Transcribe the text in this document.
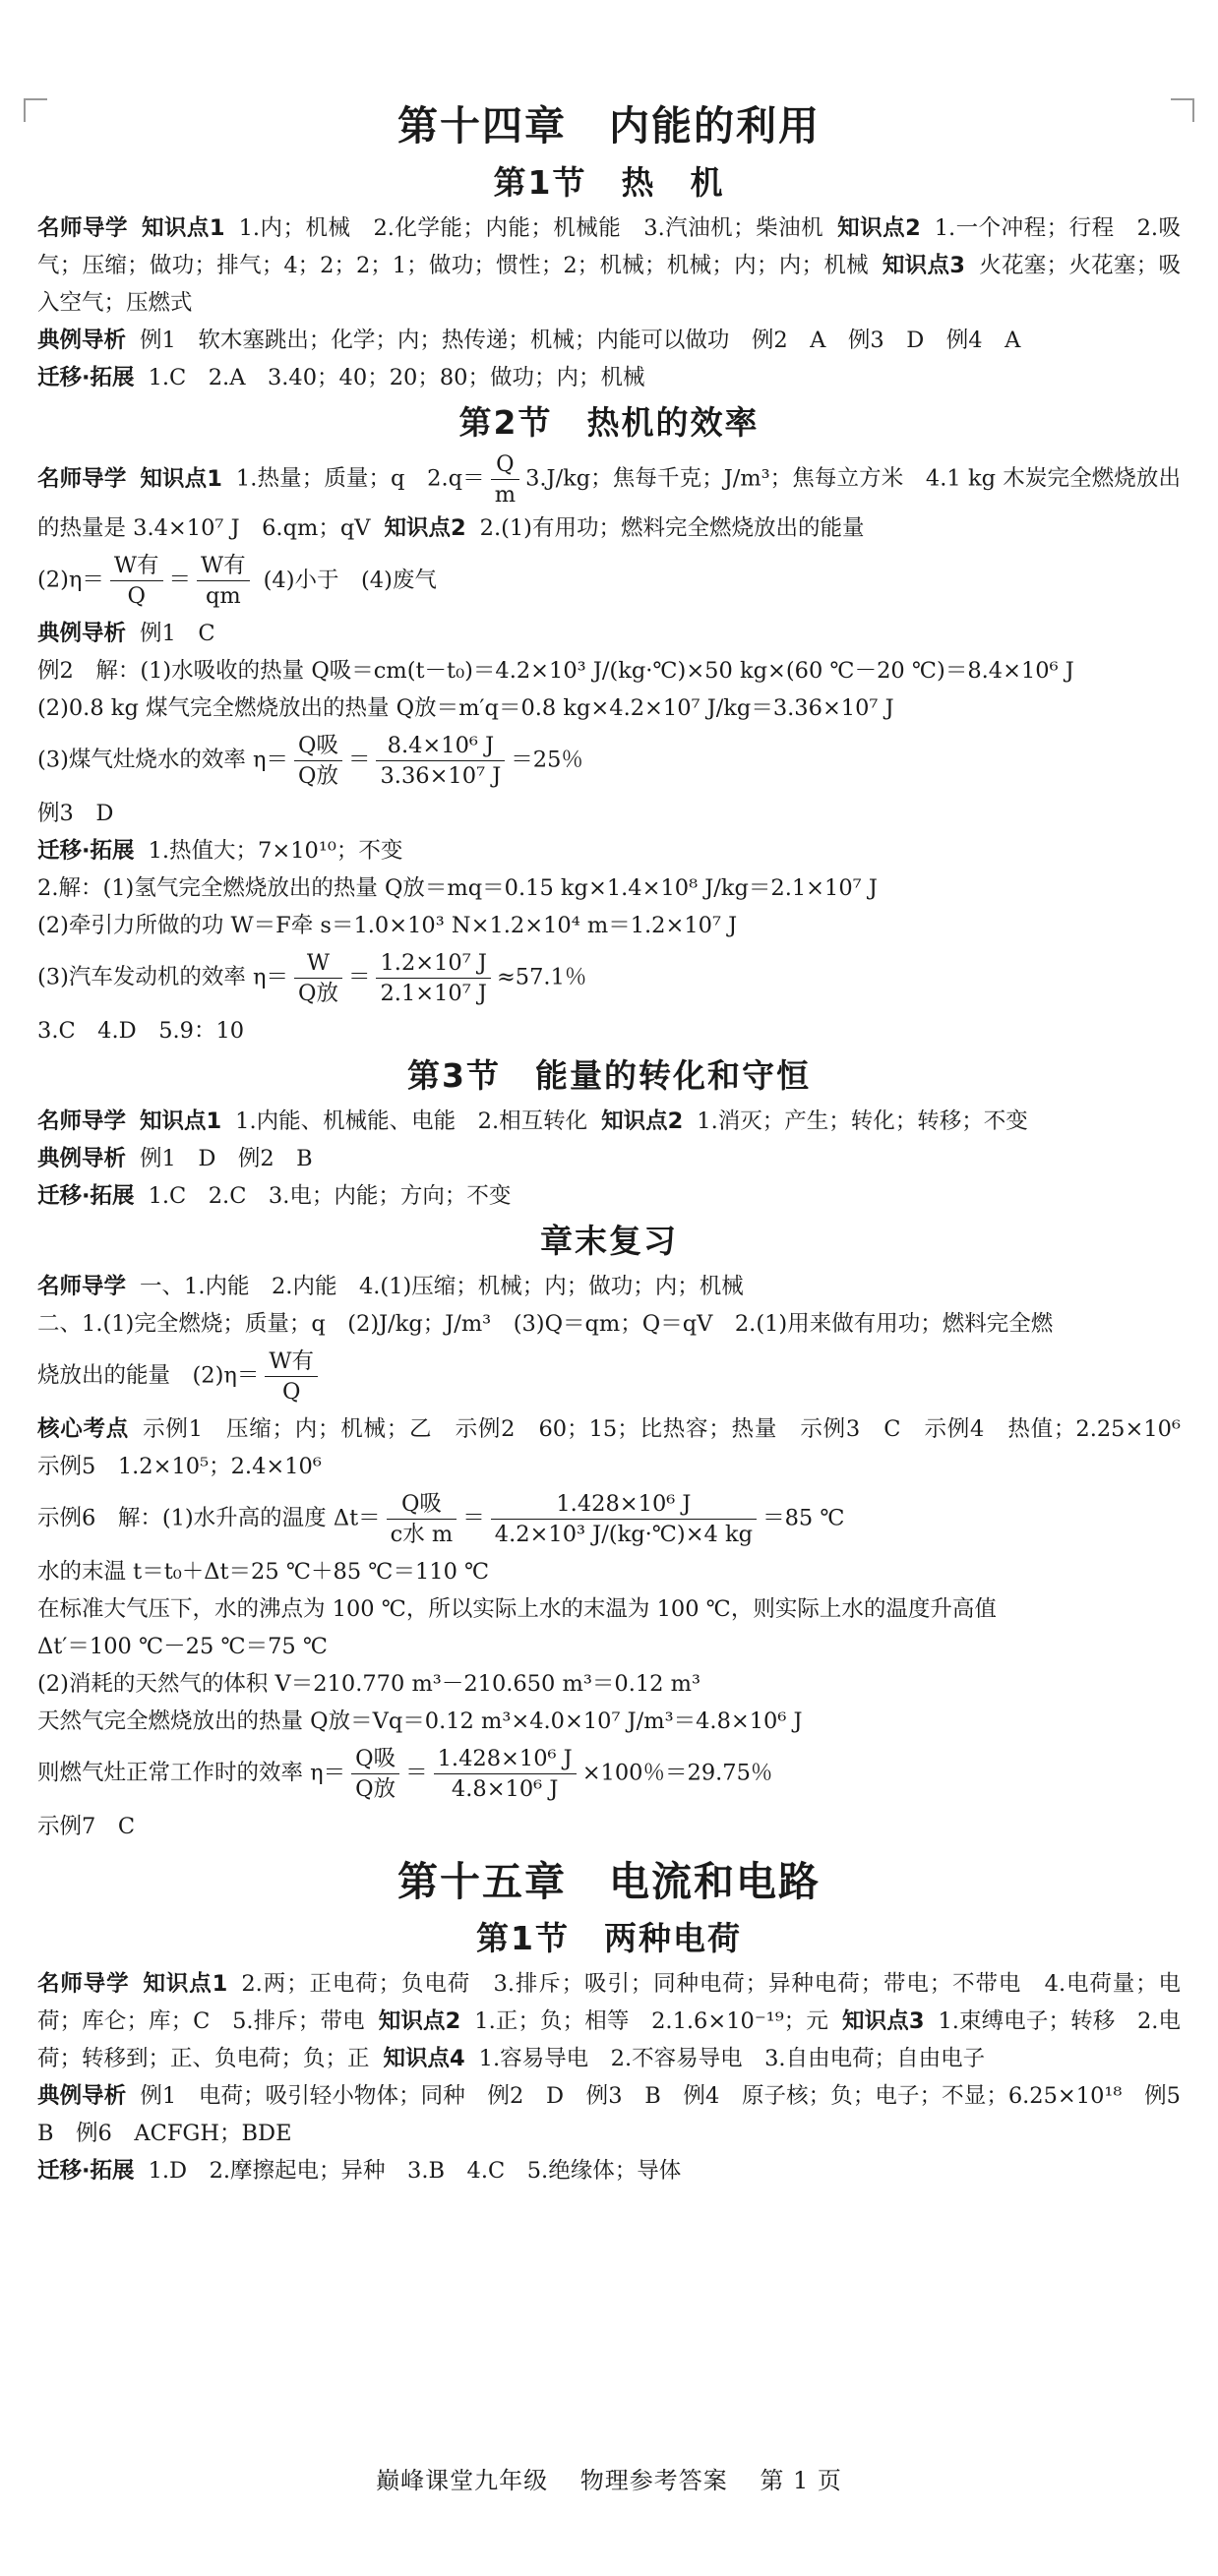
第十四章　内能的利用
第1节　热　机

名师导学 知识点1 1.内；机械　2.化学能；内能；机械能　3.汽油机；柴油机 知识点2 1.一个冲程；行程　2.吸气；压缩；做功；排气；4；2；2；1；做功；惯性；2；机械；机械；内；内；机械 知识点3 火花塞；火花塞；吸入空气；压燃式

典例导析 例1　软木塞跳出；化学；内；热传递；机械；内能可以做功　例2　A　例3　D　例4　A

迁移·拓展 1.C　2.A　3.40；40；20；80；做功；内；机械

第2节　热机的效率

名师导学 知识点1 1.热量；质量；q　$2.q= \frac{Q}{m} 3.J/kg$；焦每千克；J/m³；焦每立方米　4.1 kg 木炭完全燃烧放出的热量是 3.4×10⁷ J　6.qm；qV 知识点2 2.(1)有用功；燃料完全燃烧放出的能量

$(2)\eta= \frac{\text{W有}}{Q} = \frac{\text{W有}}{qm} (4)$小于　(4)废气

典例导析 例1　C

例2　解：(1)水吸收的热量 Q吸＝cm(t－t₀)＝4.2×10³ J/(kg·℃)×50 kg×(60 ℃－20 ℃)＝8.4×10⁶ J

(2)0.8 kg 煤气完全燃烧放出的热量 Q放＝m′q＝0.8 kg×4.2×10⁷ J/kg＝3.36×10⁷ J

(3)煤气灶烧水的效率 $\eta= \frac{\text{Q吸}}{\text{Q放}} = \frac{\text{8.4×10⁶ J}}{\text{3.36×10⁷ J}} =25$％

例3　D

迁移·拓展 1.热值大；7×10¹⁰；不变

2.解：(1)氢气完全燃烧放出的热量 Q放＝mq＝0.15 kg×1.4×10⁸ J/kg＝2.1×10⁷ J

(2)牵引力所做的功 W＝F牵 s＝1.0×10³ N×1.2×10⁴ m＝1.2×10⁷ J

(3)汽车发动机的效率 $\eta= \frac{W}{\text{Q放}} = \frac{\text{1.2×10⁷ J}}{\text{2.1×10⁷ J}} \approx 57.1$％

3.C　4.D　5.9：10

第3节　能量的转化和守恒

名师导学 知识点1 1.内能、机械能、电能　2.相互转化 知识点2 1.消灭；产生；转化；转移；不变

典例导析 例1　D　例2　B

迁移·拓展 1.C　2.C　3.电；内能；方向；不变

章末复习

名师导学 一、1.内能　2.内能　4.(1)压缩；机械；内；做功；内；机械

二、1.(1)完全燃烧；质量；q　(2)J/kg；J/m³　(3)Q＝qm；Q＝qV　2.(1)用来做有用功；燃料完全燃

烧放出的能量　$(2)\eta= \frac{\text{W有}}{Q}$

核心考点 示例1　压缩；内；机械；乙　示例2　60；15；比热容；热量　示例3　C　示例4　热值；2.25×10⁶　示例5　1.2×10⁵；2.4×10⁶

示例6　解：(1)水升高的温度 $\Delta t= \frac{\text{Q吸}}{\text{c水 m}} = \frac{\text{1.428×10⁶ J}}{\text{4.2×10³ J/(kg·℃)×4 kg}} =85$ ℃

水的末温 t＝t₀＋Δt＝25 ℃＋85 ℃＝110 ℃

在标准大气压下，水的沸点为 100 ℃，所以实际上水的末温为 100 ℃，则实际上水的温度升高值

Δt′＝100 ℃－25 ℃＝75 ℃

(2)消耗的天然气的体积 V＝210.770 m³－210.650 m³＝0.12 m³

天然气完全燃烧放出的热量 Q放＝Vq＝0.12 m³×4.0×10⁷ J/m³＝4.8×10⁶ J

则燃气灶正常工作时的效率 $\eta= \frac{\text{Q吸}}{\text{Q放}} = \frac{\text{1.428×10⁶ J}}{\text{4.8×10⁶ J}} \times 100$％＝29.75％

示例7　C

第十五章　电流和电路
第1节　两种电荷

名师导学 知识点1 2.两；正电荷；负电荷　3.排斥；吸引；同种电荷；异种电荷；带电；不带电　4.电荷量；电荷；库仑；库；C　5.排斥；带电 知识点2 1.正；负；相等　2.1.6×10⁻¹⁹；元 知识点3 1.束缚电子；转移　2.电荷；转移到；正、负电荷；负；正 知识点4 1.容易导电　2.不容易导电　3.自由电荷；自由电子

典例导析 例1　电荷；吸引轻小物体；同种　例2　D　例3　B　例4　原子核；负；电子；不显；6.25×10¹⁸　例5　B　例6　ACFGH；BDE

迁移·拓展 1.D　2.摩擦起电；异种　3.B　4.C　5.绝缘体；导体

巅峰课堂九年级 物理参考答案 第 1 页
